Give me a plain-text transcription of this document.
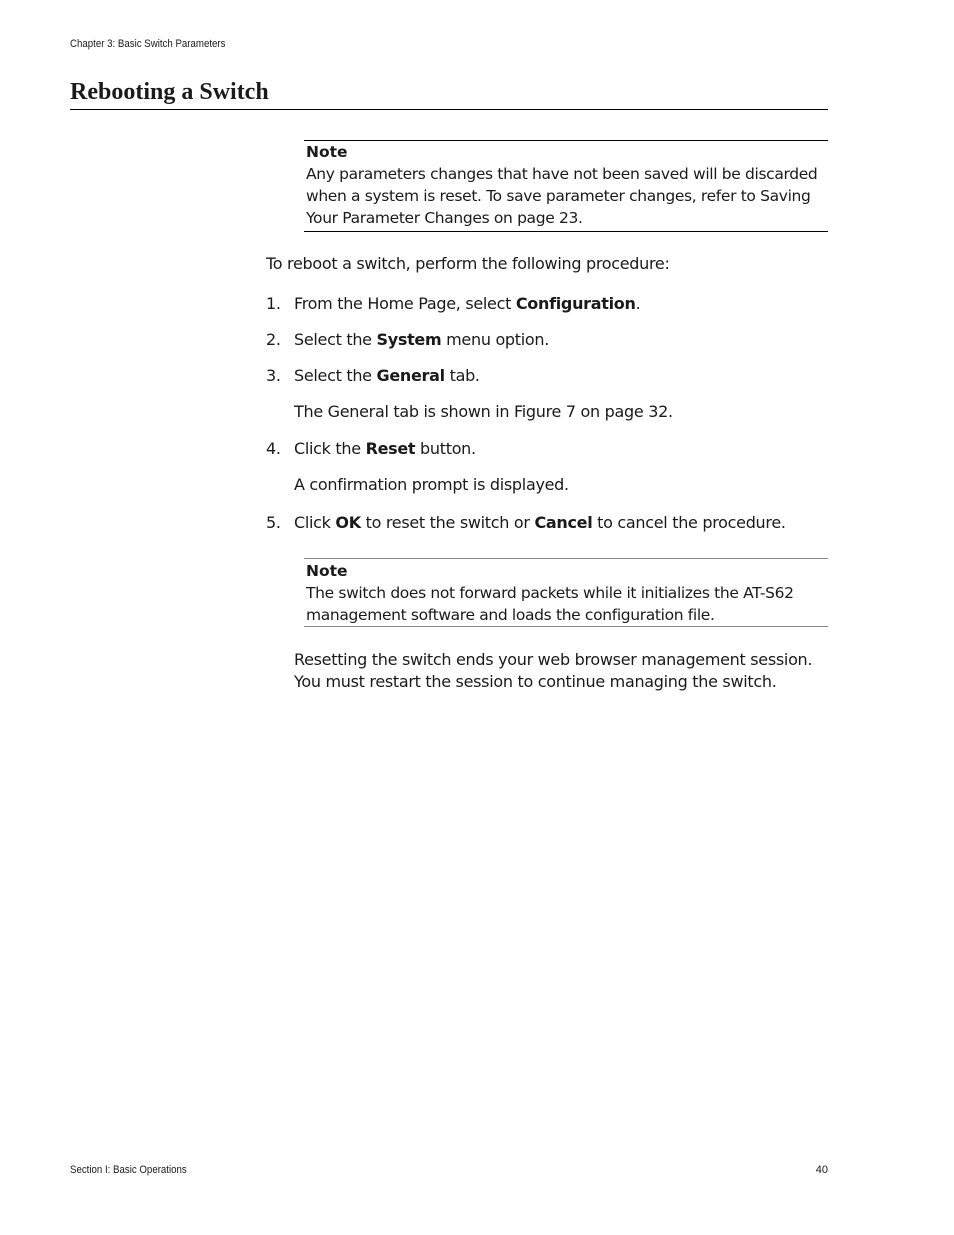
Chapter 3: Basic Switch Parameters
Rebooting a Switch
Note
Any parameters changes that have not been saved will be discarded when a system is reset. To save parameter changes, refer to Saving Your Parameter Changes on page 23.
To reboot a switch, perform the following procedure:
1. From the Home Page, select Configuration.
2. Select the System menu option.
3. Select the General tab.
The General tab is shown in Figure 7 on page 32.
4. Click the Reset button.
A confirmation prompt is displayed.
5. Click OK to reset the switch or Cancel to cancel the procedure.
Note
The switch does not forward packets while it initializes the AT-S62 management software and loads the configuration file.
Resetting the switch ends your web browser management session. You must restart the session to continue managing the switch.
Section I: Basic Operations	40
